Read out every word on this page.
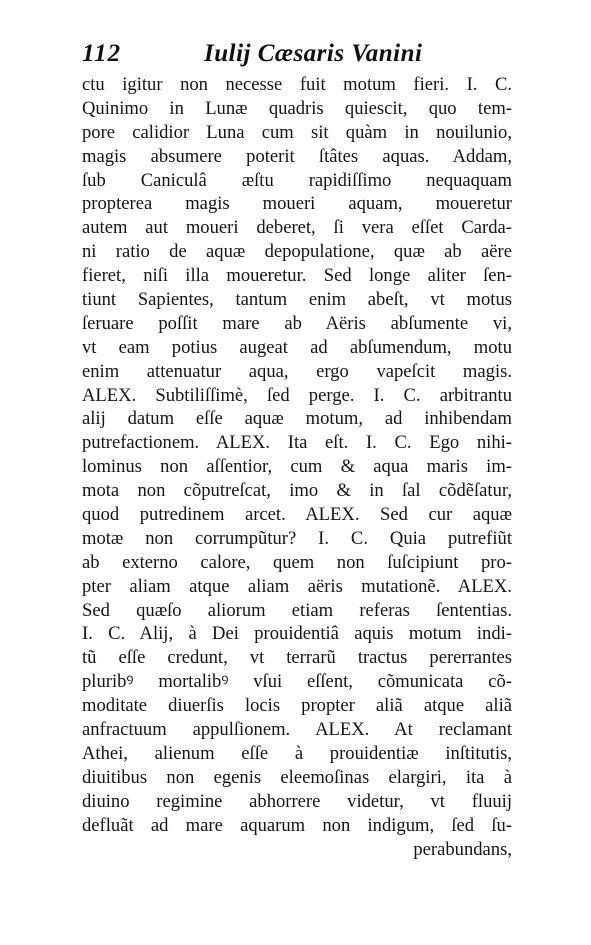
112	Iulij Cæsaris Vanini
ctu igitur non necesse fuit motum fieri. I. C.
Quinimo in Lunæ quadris quiescit, quo tem-
pore calidior Luna cum sit quàm in nouilunio,
magis absumere poterit ſtâtes aquas. Addam,
ſub Caniculâ æſtu rapidiſſimo nequaquam
propterea magis moueri aquam, moueretur
autem aut moueri deberet, ſi vera eſſet Carda-
ni ratio de aquæ depopulatione, quæ ab aëre
fieret, niſi illa moueretur. Sed longe aliter ſen-
tiunt Sapientes, tantum enim abeſt, vt motus
ſeruare poſſit mare ab Aëris abſumente vi,
vt eam potius augeat ad abſumendum, motu
enim attenuatur aqua, ergo vapeſcit magis.
ALEX. Subtiliſſimè, ſed perge. I. C. arbitrantu
alij datum eſſe aquæ motum, ad inhibendam
putrefactionem. ALEX. Ita eſt. I. C. Ego nihi-
lominus non aſſentior, cum & aqua maris im-
mota non cõputreſcat, imo & in ſal cõdẽſatur,
quod putredinem arcet. ALEX. Sed cur aquæ
motæ non corrumpũtur? I. C. Quia putrefiũt
ab externo calore, quem non ſuſcipiunt pro-
pter aliam atque aliam aëris mutationẽ. ALEX.
Sed quæſo aliorum etiam referas ſententias.
I. C. Alij, à Dei prouidentiâ aquis motum indi-
tũ eſſe credunt, vt terrarũ tractus pererrantes
pluribꝰ mortalibꝰ vſui eſſent, cõmunicata cõ-
moditate diuerſis locis propter aliã atque aliã
anfractuum appulſionem. ALEX. At reclamant
Athei, alienum eſſe à prouidentiæ inſtitutis,
diuitibus non egenis eleemoſinas elargiri, ita à
diuino regimine abhorrere videtur, vt fluuij
defluãt ad mare aquarum non indigum, ſed ſu-
perabundans,
